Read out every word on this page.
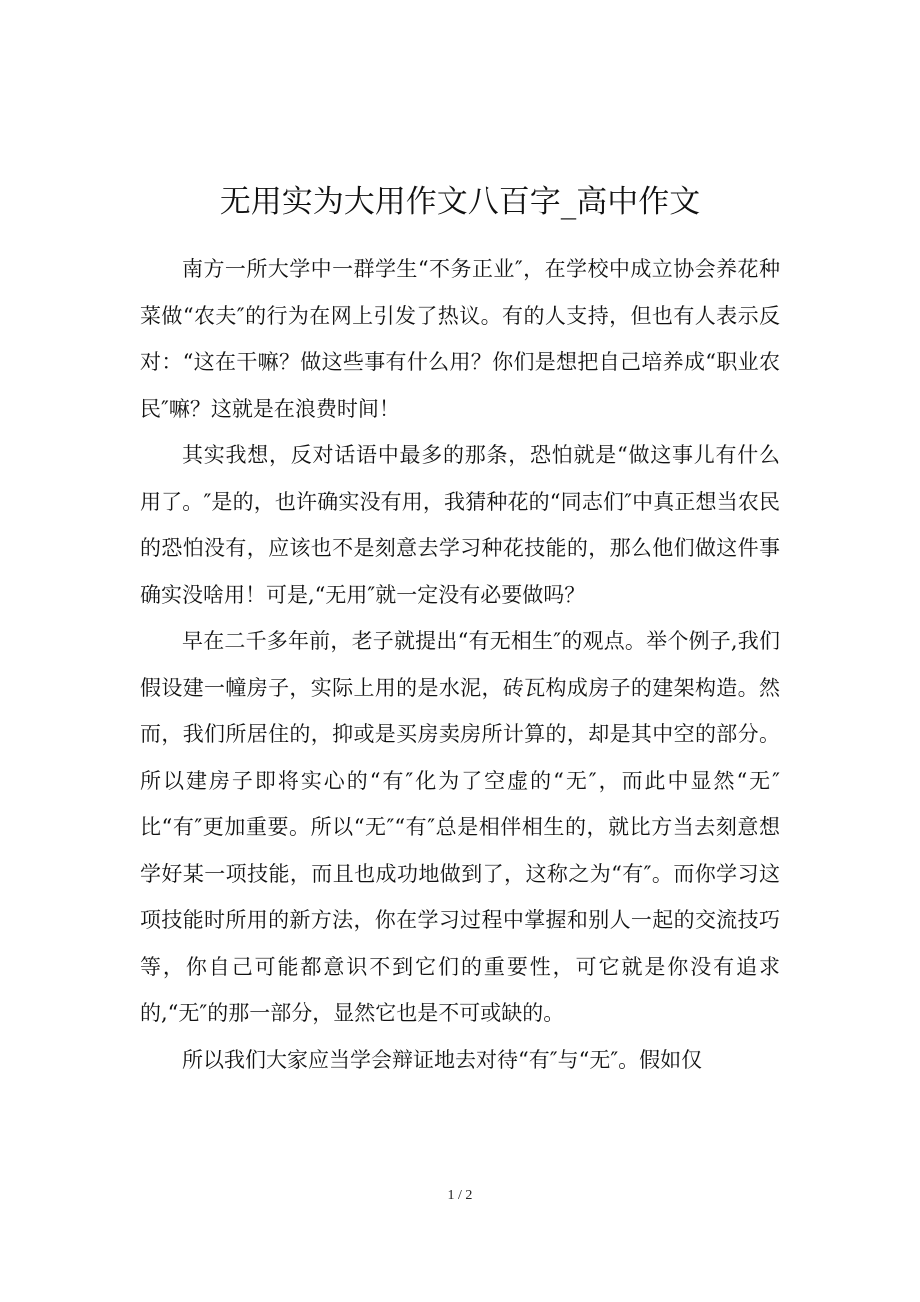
无用实为大用作文八百字_高中作文

南方一所大学中一群学生“不务正业″，在学校中成立协会养花种菜做“农夫″的行为在网上引发了热议。有的人支持，但也有人表示反对：“这在干嘛？做这些事有什么用？你们是想把自己培养成“职业农民″嘛？这就是在浪费时间！

其实我想，反对话语中最多的那条，恐怕就是“做这事儿有什么用了。″是的，也许确实没有用，我猜种花的“同志们″中真正想当农民的恐怕没有，应该也不是刻意去学习种花技能的，那么他们做这件事确实没啥用！可是,“无用″就一定没有必要做吗？

早在二千多年前，老子就提出“有无相生″的观点。举个例子,我们假设建一幢房子，实际上用的是水泥，砖瓦构成房子的建架构造。然而，我们所居住的，抑或是买房卖房所计算的，却是其中空的部分。所以建房子即将实心的“有″化为了空虚的“无″，而此中显然“无″比“有″更加重要。所以“无″“有″总是相伴相生的，就比方当去刻意想学好某一项技能，而且也成功地做到了，这称之为“有″。而你学习这项技能时所用的新方法，你在学习过程中掌握和别人一起的交流技巧等，你自己可能都意识不到它们的重要性，可它就是你没有追求的,“无″的那一部分，显然它也是不可或缺的。

所以我们大家应当学会辩证地去对待“有″与“无″。假如仅

1 / 2
